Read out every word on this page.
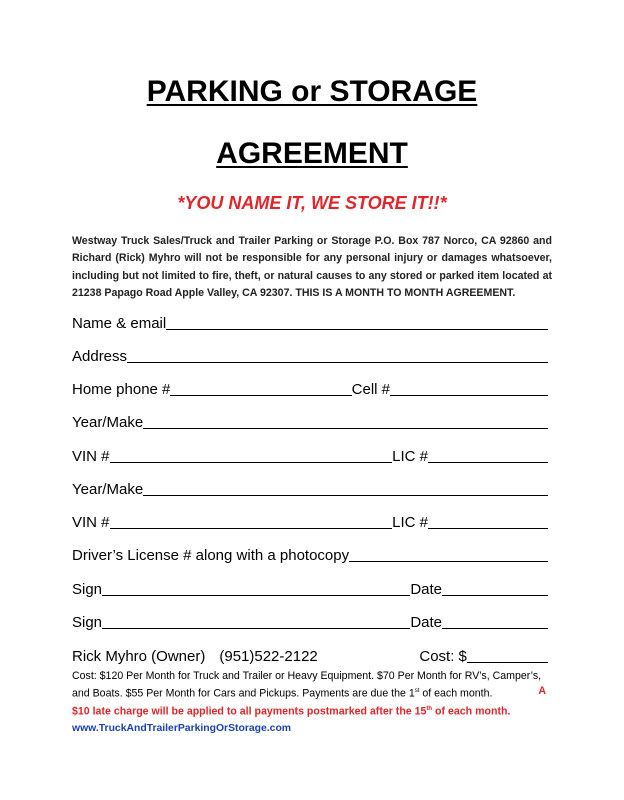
PARKING or STORAGE
AGREEMENT
*YOU NAME IT, WE STORE IT!!*
Westway Truck Sales/Truck and Trailer Parking or Storage P.O. Box 787 Norco, CA 92860 and Richard (Rick) Myhro will not be responsible for any personal injury or damages whatsoever, including but not limited to fire, theft, or natural causes to any stored or parked item located at 21238 Papago Road Apple Valley, CA 92307. THIS IS A MONTH TO MONTH AGREEMENT.
Name & email
Address
Home phone #	Cell #
Year/Make
VIN #	LIC #
Year/Make
VIN #	LIC #
Driver’s License # along with a photocopy
Sign	Date
Sign	Date
Rick Myhro (Owner) (951)522-2122	Cost: $
Cost: $120 Per Month for Truck and Trailer or Heavy Equipment. $70 Per Month for RV’s, Camper’s,
and Boats. $55 Per Month for Cars and Pickups. Payments are due the 1st of each month.	A
$10 late charge will be applied to all payments postmarked after the 15th of each month.
www.TruckAndTrailerParkingOrStorage.com
